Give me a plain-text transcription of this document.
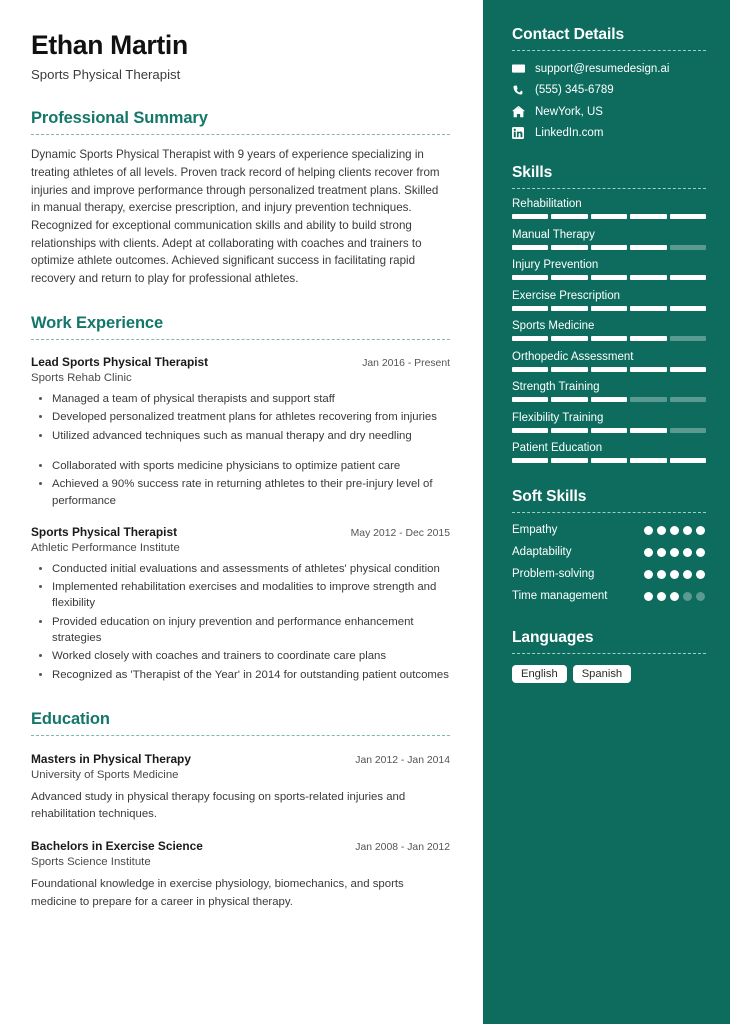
Ethan Martin
Sports Physical Therapist
Professional Summary
Dynamic Sports Physical Therapist with 9 years of experience specializing in treating athletes of all levels. Proven track record of helping clients recover from injuries and improve performance through personalized treatment plans. Skilled in manual therapy, exercise prescription, and injury prevention techniques. Recognized for exceptional communication skills and ability to build strong relationships with clients. Adept at collaborating with coaches and trainers to optimize athlete outcomes. Achieved significant success in facilitating rapid recovery and return to play for professional athletes.
Work Experience
Lead Sports Physical Therapist	Jan 2016 - Present
Sports Rehab Clinic
• Managed a team of physical therapists and support staff
• Developed personalized treatment plans for athletes recovering from injuries
• Utilized advanced techniques such as manual therapy and dry needling
• Collaborated with sports medicine physicians to optimize patient care
• Achieved a 90% success rate in returning athletes to their pre-injury level of performance
Sports Physical Therapist	May 2012 - Dec 2015
Athletic Performance Institute
• Conducted initial evaluations and assessments of athletes' physical condition
• Implemented rehabilitation exercises and modalities to improve strength and flexibility
• Provided education on injury prevention and performance enhancement strategies
• Worked closely with coaches and trainers to coordinate care plans
• Recognized as 'Therapist of the Year' in 2014 for outstanding patient outcomes
Education
Masters in Physical Therapy	Jan 2012 - Jan 2014
University of Sports Medicine
Advanced study in physical therapy focusing on sports-related injuries and rehabilitation techniques.
Bachelors in Exercise Science	Jan 2008 - Jan 2012
Sports Science Institute
Foundational knowledge in exercise physiology, biomechanics, and sports medicine to prepare for a career in physical therapy.
Contact Details
support@resumedesign.ai
(555) 345-6789
NewYork, US
LinkedIn.com
Skills
Rehabilitation
Manual Therapy
Injury Prevention
Exercise Prescription
Sports Medicine
Orthopedic Assessment
Strength Training
Flexibility Training
Patient Education
Soft Skills
Empathy
Adaptability
Problem-solving
Time management
Languages
English	Spanish
